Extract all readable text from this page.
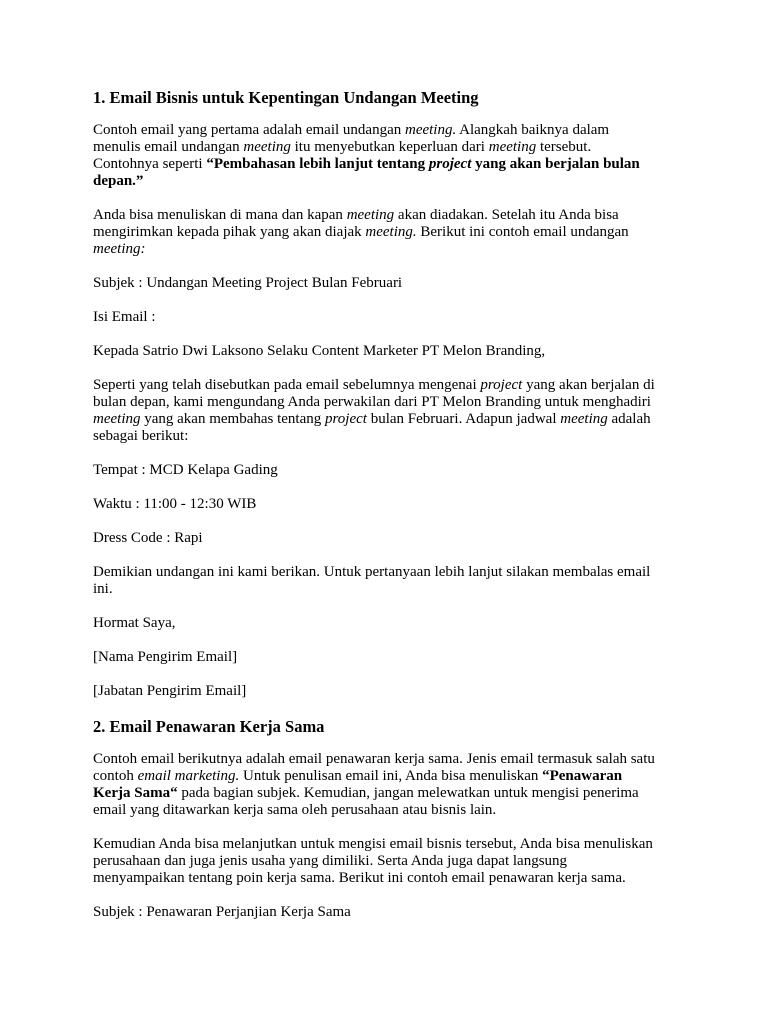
1. Email Bisnis untuk Kepentingan Undangan Meeting

Contoh email yang pertama adalah email undangan meeting. Alangkah baiknya dalam
menulis email undangan meeting itu menyebutkan keperluan dari meeting tersebut.
Contohnya seperti “Pembahasan lebih lanjut tentang project yang akan berjalan bulan
depan.”

Anda bisa menuliskan di mana dan kapan meeting akan diadakan. Setelah itu Anda bisa
mengirimkan kepada pihak yang akan diajak meeting. Berikut ini contoh email undangan
meeting:

Subjek : Undangan Meeting Project Bulan Februari

Isi Email :

Kepada Satrio Dwi Laksono Selaku Content Marketer PT Melon Branding,

Seperti yang telah disebutkan pada email sebelumnya mengenai project yang akan berjalan di
bulan depan, kami mengundang Anda perwakilan dari PT Melon Branding untuk menghadiri
meeting yang akan membahas tentang project bulan Februari. Adapun jadwal meeting adalah
sebagai berikut:

Tempat : MCD Kelapa Gading

Waktu : 11:00 - 12:30 WIB

Dress Code : Rapi

Demikian undangan ini kami berikan. Untuk pertanyaan lebih lanjut silakan membalas email
ini.

Hormat Saya,

[Nama Pengirim Email]

[Jabatan Pengirim Email]

2. Email Penawaran Kerja Sama

Contoh email berikutnya adalah email penawaran kerja sama. Jenis email termasuk salah satu
contoh email marketing. Untuk penulisan email ini, Anda bisa menuliskan “Penawaran
Kerja Sama“ pada bagian subjek. Kemudian, jangan melewatkan untuk mengisi penerima
email yang ditawarkan kerja sama oleh perusahaan atau bisnis lain.

Kemudian Anda bisa melanjutkan untuk mengisi email bisnis tersebut, Anda bisa menuliskan
perusahaan dan juga jenis usaha yang dimiliki. Serta Anda juga dapat langsung
menyampaikan tentang poin kerja sama. Berikut ini contoh email penawaran kerja sama.

Subjek : Penawaran Perjanjian Kerja Sama
